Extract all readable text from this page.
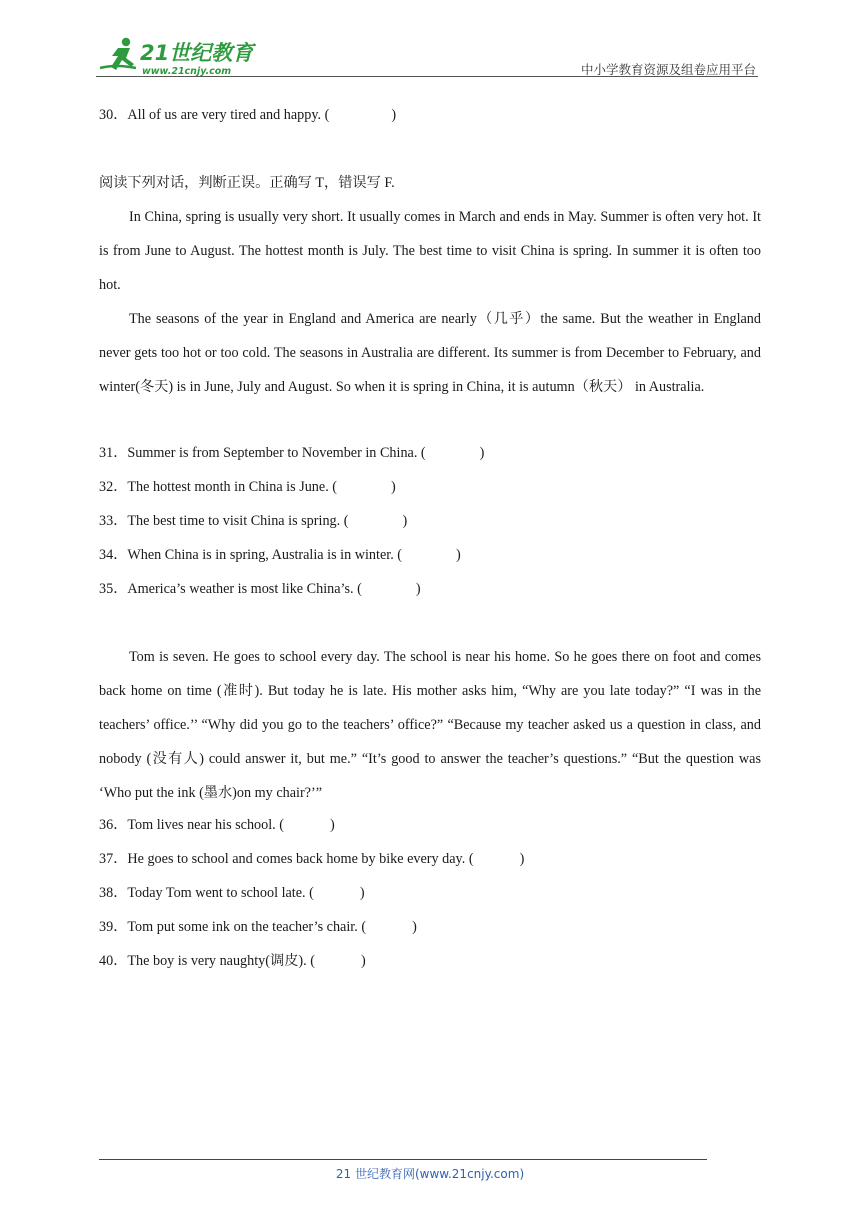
21世纪教育
www.21cnjy.com	中小学教育资源及组卷应用平台
30．All of us are very tired and happy. (	)
阅读下列对话，判断正误。正确写 T，错误写 F.
In China, spring is usually very short. It usually comes in March and ends in May. Summer is often very hot. It is from June to August. The hottest month is July. The best time to visit China is spring. In summer it is often too hot.
The seasons of the year in England and America are nearly（几乎）the same. But the weather in England never gets too hot or too cold. The seasons in Australia are different. Its summer is from December to February, and winter(冬天) is in June, July and August. So when it is spring in China, it is autumn（秋天） in Australia.
31．Summer is from September to November in China. (	)
32．The hottest month in China is June. (	)
33．The best time to visit China is spring. (	)
34．When China is in spring, Australia is in winter. (	)
35．America’s weather is most like China’s. (	)
Tom is seven. He goes to school every day. The school is near his home. So he goes there on foot and comes back home on time (准时). But today he is late. His mother asks him, “Why are you late today?” “I was in the teachers’ office.’’ “Why did you go to the teachers’ office?” “Because my teacher asked us a question in class, and nobody (没有人) could answer it, but me.” “It’s good to answer the teacher’s questions.” “But the question was ‘Who put the ink (墨水)on my chair?’”
36．Tom lives near his school. (	)
37．He goes to school and comes back home by bike every day. (	)
38．Today Tom went to school late. (	)
39．Tom put some ink on the teacher’s chair. (	)
40．The boy is very naughty(调皮). (	)
21 世纪教育网(www.21cnjy.com)
